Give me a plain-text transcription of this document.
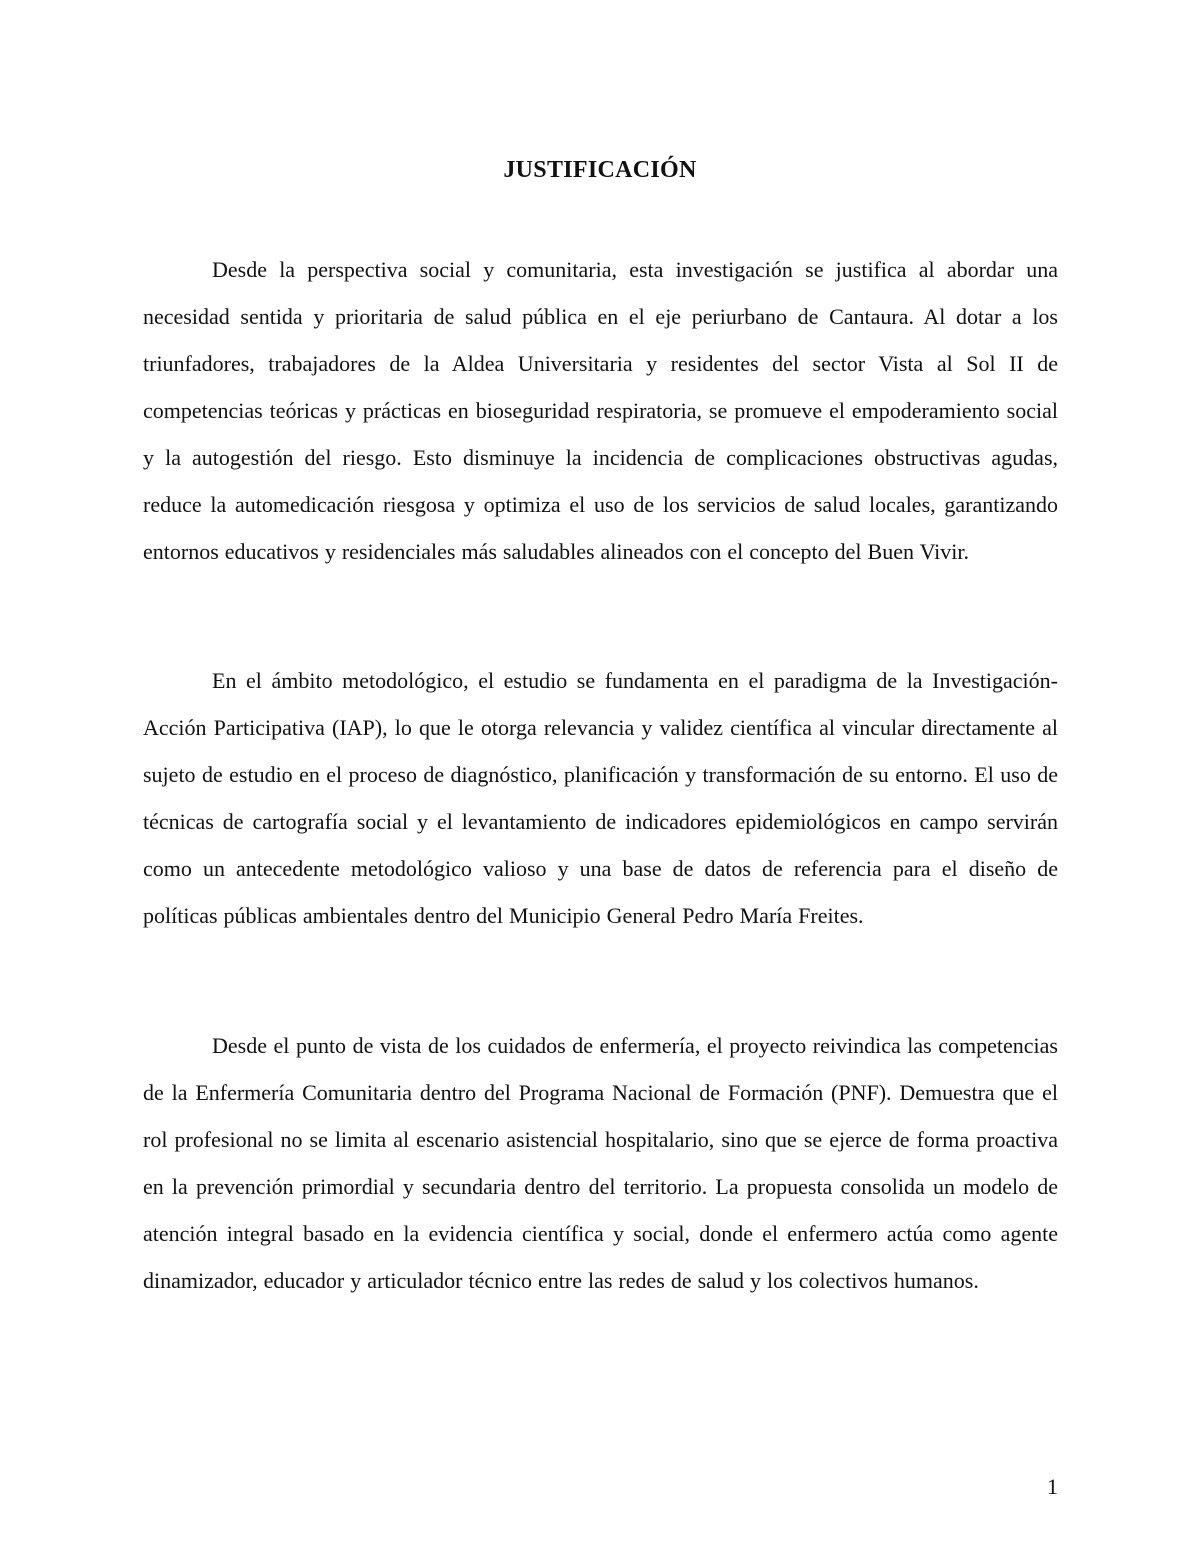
JUSTIFICACIÓN

Desde la perspectiva social y comunitaria, esta investigación se justifica al abordar una necesidad sentida y prioritaria de salud pública en el eje periurbano de Cantaura. Al dotar a los triunfadores, trabajadores de la Aldea Universitaria y residentes del sector Vista al Sol II de competencias teóricas y prácticas en bioseguridad respiratoria, se promueve el empoderamiento social y la autogestión del riesgo. Esto disminuye la incidencia de complicaciones obstructivas agudas, reduce la automedicación riesgosa y optimiza el uso de los servicios de salud locales, garantizando entornos educativos y residenciales más saludables alineados con el concepto del Buen Vivir.

En el ámbito metodológico, el estudio se fundamenta en el paradigma de la Investigación-Acción Participativa (IAP), lo que le otorga relevancia y validez científica al vincular directamente al sujeto de estudio en el proceso de diagnóstico, planificación y transformación de su entorno. El uso de técnicas de cartografía social y el levantamiento de indicadores epidemiológicos en campo servirán como un antecedente metodológico valioso y una base de datos de referencia para el diseño de políticas públicas ambientales dentro del Municipio General Pedro María Freites.

Desde el punto de vista de los cuidados de enfermería, el proyecto reivindica las competencias de la Enfermería Comunitaria dentro del Programa Nacional de Formación (PNF). Demuestra que el rol profesional no se limita al escenario asistencial hospitalario, sino que se ejerce de forma proactiva en la prevención primordial y secundaria dentro del territorio. La propuesta consolida un modelo de atención integral basado en la evidencia científica y social, donde el enfermero actúa como agente dinamizador, educador y articulador técnico entre las redes de salud y los colectivos humanos.

1
